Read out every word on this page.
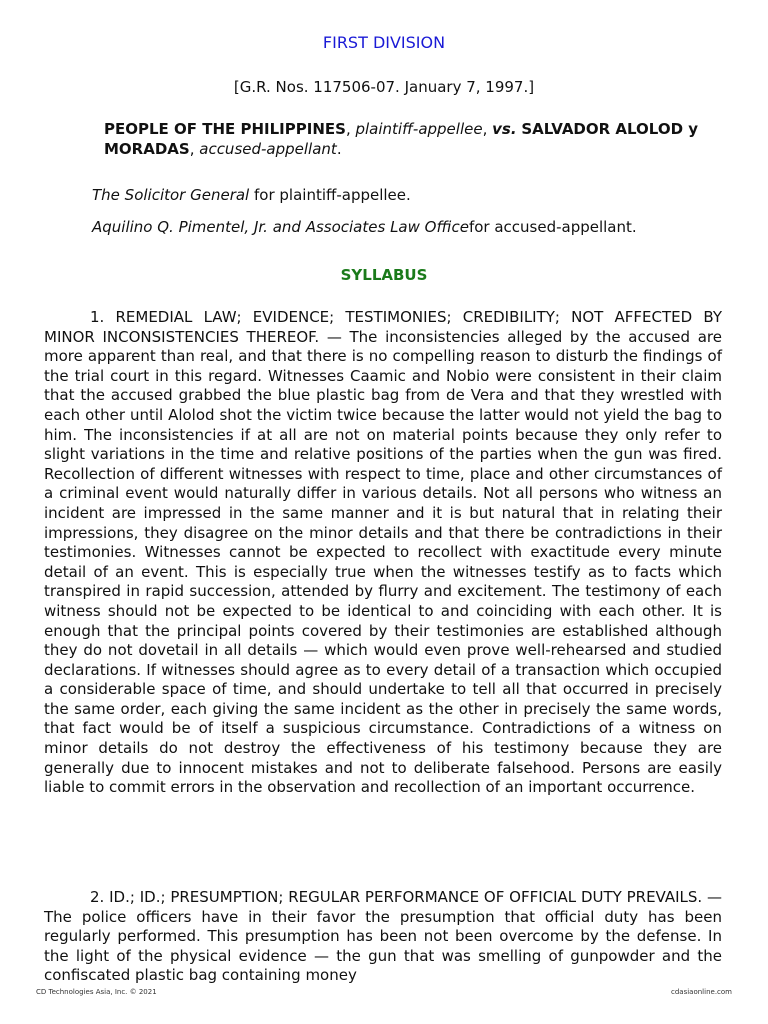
FIRST DIVISION
[G.R. Nos. 117506-07. January 7, 1997.]
PEOPLE OF THE PHILIPPINES, plaintiff-appellee, vs. SALVADOR ALOLOD y MORADAS, accused-appellant.
The Solicitor General for plaintiff-appellee.
Aquilino Q. Pimentel, Jr. and Associates Law Officefor accused-appellant.
SYLLABUS

1. REMEDIAL LAW; EVIDENCE; TESTIMONIES; CREDIBILITY; NOT AFFECTED BY MINOR INCONSISTENCIES THEREOF. — The inconsistencies alleged by the accused are more apparent than real, and that there is no compelling reason to disturb the findings of the trial court in this regard. Witnesses Caamic and Nobio were consistent in their claim that the accused grabbed the blue plastic bag from de Vera and that they wrestled with each other until Alolod shot the victim twice because the latter would not yield the bag to him. The inconsistencies if at all are not on material points because they only refer to slight variations in the time and relative positions of the parties when the gun was fired. Recollection of different witnesses with respect to time, place and other circumstances of a criminal event would naturally differ in various details. Not all persons who witness an incident are impressed in the same manner and it is but natural that in relating their impressions, they disagree on the minor details and that there be contradictions in their testimonies. Witnesses cannot be expected to recollect with exactitude every minute detail of an event. This is especially true when the witnesses testify as to facts which transpired in rapid succession, attended by flurry and excitement. The testimony of each witness should not be expected to be identical to and coinciding with each other. It is enough that the principal points covered by their testimonies are established although they do not dovetail in all details — which would even prove well-rehearsed and studied declarations. If witnesses should agree as to every detail of a transaction which occupied a considerable space of time, and should undertake to tell all that occurred in precisely the same order, each giving the same incident as the other in precisely the same words, that fact would be of itself a suspicious circumstance. Contradictions of a witness on minor details do not destroy the effectiveness of his testimony because they are generally due to innocent mistakes and not to deliberate falsehood. Persons are easily liable to commit errors in the observation and recollection of an important occurrence.

2. ID.; ID.; PRESUMPTION; REGULAR PERFORMANCE OF OFFICIAL DUTY PREVAILS. — The police officers have in their favor the presumption that official duty has been regularly performed. This presumption has been not been overcome by the defense. In the light of the physical evidence — the gun that was smelling of gunpowder and the confiscated plastic bag containing money

CD Technologies Asia, Inc. © 2021	cdasiaonline.com
